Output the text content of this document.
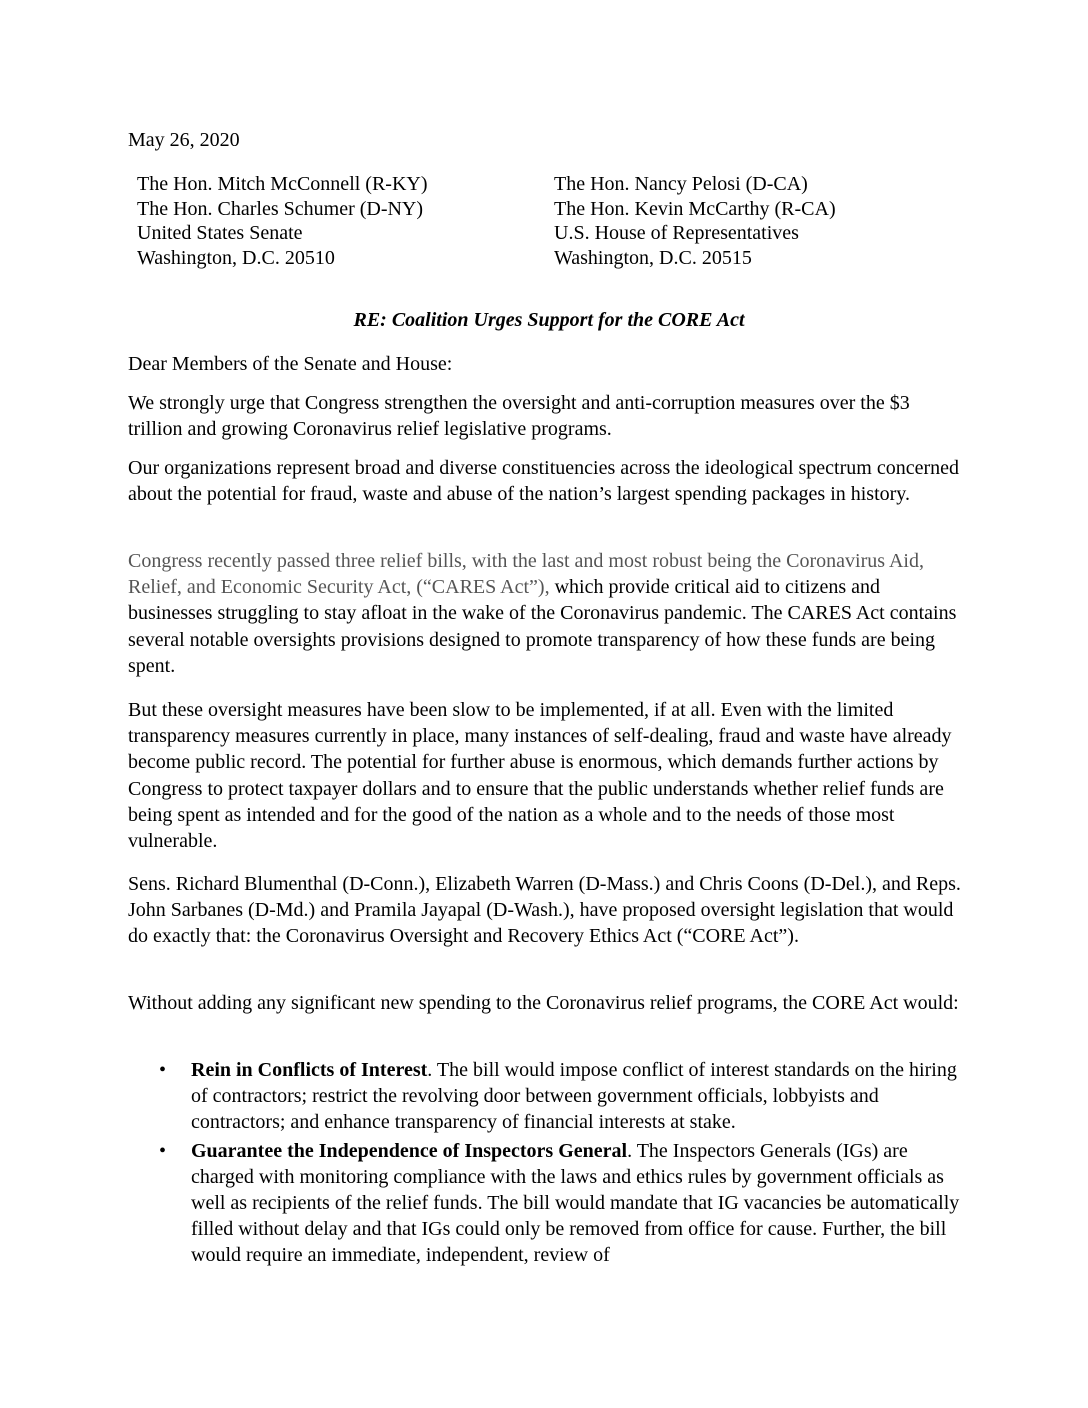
May 26, 2020
The Hon. Mitch McConnell (R-KY)
The Hon. Charles Schumer (D-NY)
United States Senate
Washington, D.C. 20510
The Hon. Nancy Pelosi (D-CA)
The Hon. Kevin McCarthy (R-CA)
U.S. House of Representatives
Washington, D.C. 20515
RE: Coalition Urges Support for the CORE Act
Dear Members of the Senate and House:

We strongly urge that Congress strengthen the oversight and anti-corruption measures over the $3 trillion and growing Coronavirus relief legislative programs.

Our organizations represent broad and diverse constituencies across the ideological spectrum concerned about the potential for fraud, waste and abuse of the nation’s largest spending packages in history.

Congress recently passed three relief bills, with the last and most robust being the Coronavirus Aid, Relief, and Economic Security Act, (“CARES Act”), which provide critical aid to citizens and businesses struggling to stay afloat in the wake of the Coronavirus pandemic. The CARES Act contains several notable oversights provisions designed to promote transparency of how these funds are being spent.

But these oversight measures have been slow to be implemented, if at all. Even with the limited transparency measures currently in place, many instances of self-dealing, fraud and waste have already become public record. The potential for further abuse is enormous, which demands further actions by Congress to protect taxpayer dollars and to ensure that the public understands whether relief funds are being spent as intended and for the good of the nation as a whole and to the needs of those most vulnerable.

Sens. Richard Blumenthal (D-Conn.), Elizabeth Warren (D-Mass.) and Chris Coons (D-Del.), and Reps. John Sarbanes (D-Md.) and Pramila Jayapal (D-Wash.), have proposed oversight legislation that would do exactly that: the Coronavirus Oversight and Recovery Ethics Act (“CORE Act”).

Without adding any significant new spending to the Coronavirus relief programs, the CORE Act would:

• Rein in Conflicts of Interest. The bill would impose conflict of interest standards on the hiring of contractors; restrict the revolving door between government officials, lobbyists and contractors; and enhance transparency of financial interests at stake.
• Guarantee the Independence of Inspectors General. The Inspectors Generals (IGs) are charged with monitoring compliance with the laws and ethics rules by government officials as well as recipients of the relief funds. The bill would mandate that IG vacancies be automatically filled without delay and that IGs could only be removed from office for cause. Further, the bill would require an immediate, independent, review of
